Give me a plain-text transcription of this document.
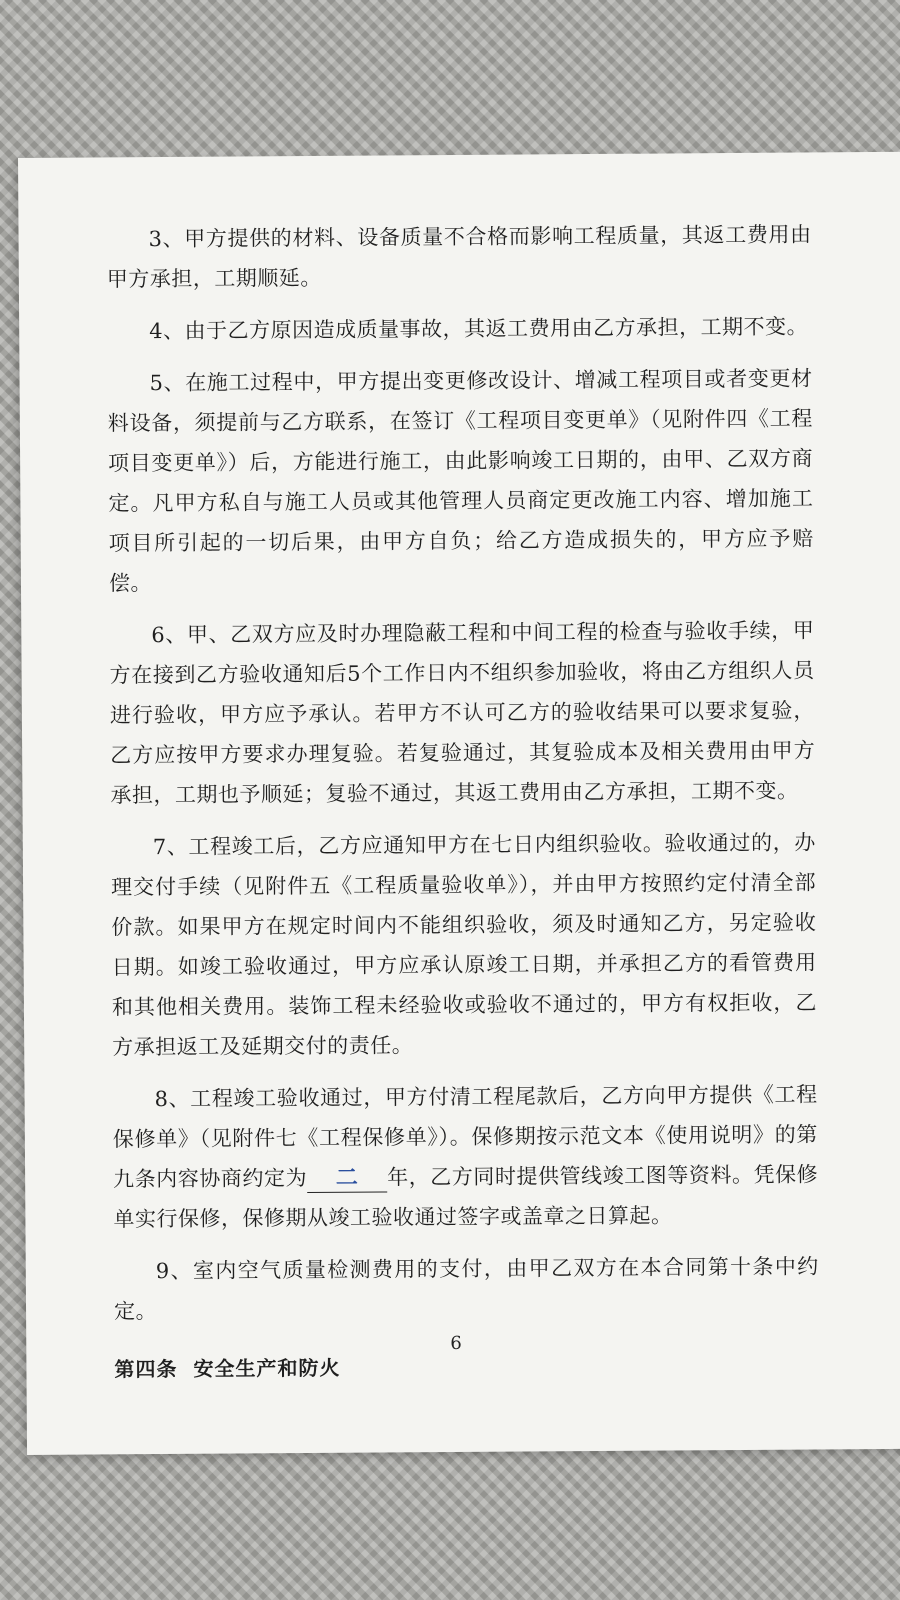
3、甲方提供的材料、设备质量不合格而影响工程质量，其返工费用由甲方承担，工期顺延。

4、由于乙方原因造成质量事故，其返工费用由乙方承担，工期不变。

5、在施工过程中，甲方提出变更修改设计、增减工程项目或者变更材料设备，须提前与乙方联系，在签订《工程项目变更单》（见附件四《工程项目变更单》）后，方能进行施工，由此影响竣工日期的，由甲、乙双方商定。凡甲方私自与施工人员或其他管理人员商定更改施工内容、增加施工项目所引起的一切后果，由甲方自负；给乙方造成损失的，甲方应予赔偿。

6、甲、乙双方应及时办理隐蔽工程和中间工程的检查与验收手续，甲方在接到乙方验收通知后5个工作日内不组织参加验收，将由乙方组织人员进行验收，甲方应予承认。若甲方不认可乙方的验收结果可以要求复验，乙方应按甲方要求办理复验。若复验通过，其复验成本及相关费用由甲方承担，工期也予顺延；复验不通过，其返工费用由乙方承担，工期不变。

7、工程竣工后，乙方应通知甲方在七日内组织验收。验收通过的，办理交付手续（见附件五《工程质量验收单》），并由甲方按照约定付清全部价款。如果甲方在规定时间内不能组织验收，须及时通知乙方，另定验收日期。如竣工验收通过，甲方应承认原竣工日期，并承担乙方的看管费用和其他相关费用。装饰工程未经验收或验收不通过的，甲方有权拒收，乙方承担返工及延期交付的责任。

8、工程竣工验收通过，甲方付清工程尾款后，乙方向甲方提供《工程保修单》（见附件七《工程保修单》）。保修期按示范文本《使用说明》的第九条内容协商约定为 二 年，乙方同时提供管线竣工图等资料。凭保修单实行保修，保修期从竣工验收通过签字或盖章之日算起。

9、室内空气质量检测费用的支付，由甲乙双方在本合同第十条中约定。

第四条 安全生产和防火

6
